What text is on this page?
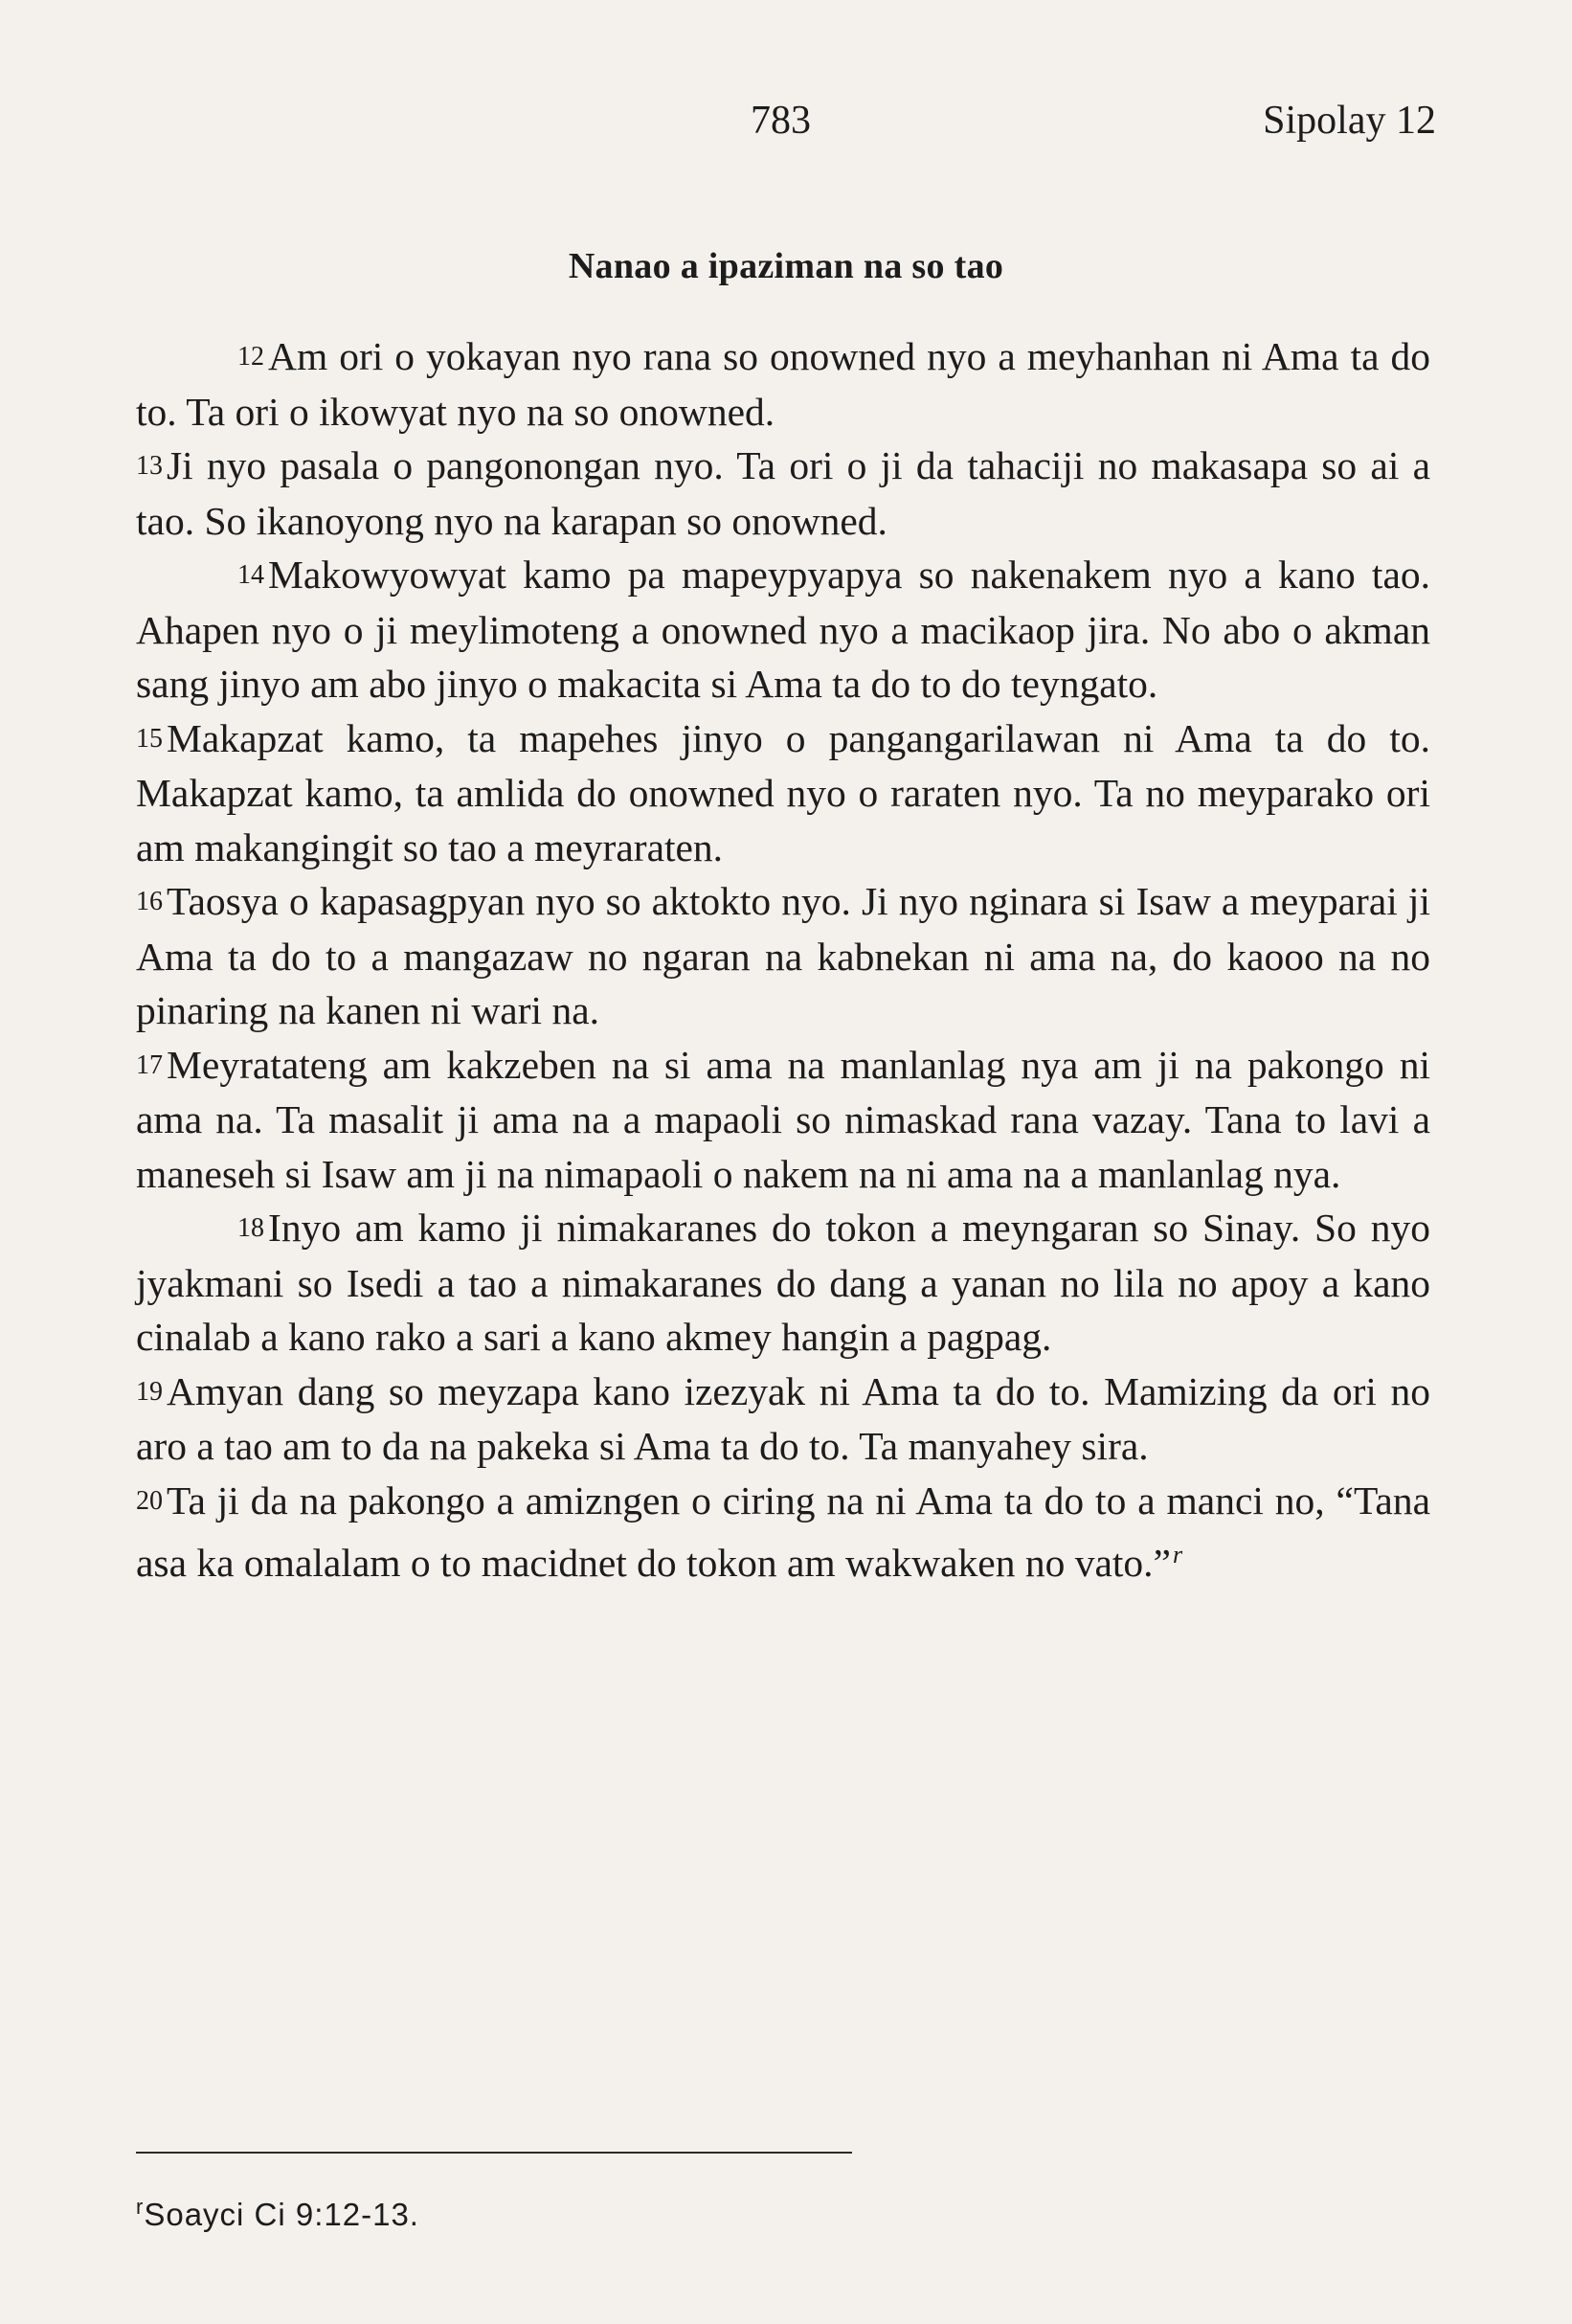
783	Sipolay 12
Nanao a ipaziman na so tao

12Am ori o yokayan nyo rana so onowned nyo a meyhanhan ni Ama ta do to. Ta ori o ikowyat nyo na so onowned.

13Ji nyo pasala o pangonongan nyo. Ta ori o ji da tahaciji no makasapa so ai a tao. So ikanoyong nyo na karapan so onowned.

14Makowyowyat kamo pa mapeypyapya so nakenakem nyo a kano tao. Ahapen nyo o ji meylimoteng a onowned nyo a macikaop jira. No abo o akman sang jinyo am abo jinyo o makacita si Ama ta do to do teyngato.

15Makapzat kamo, ta mapehes jinyo o pangangarilawan ni Ama ta do to. Makapzat kamo, ta amlida do onowned nyo o raraten nyo. Ta no meyparako ori am makangingit so tao a meyraraten.

16Taosya o kapasagpyan nyo so aktokto nyo. Ji nyo nginara si Isaw a meyparai ji Ama ta do to a mangazaw no ngaran na kabnekan ni ama na, do kaooo na no pinaring na kanen ni wari na.

17Meyratateng am kakzeben na si ama na manlanlag nya am ji na pakongo ni ama na. Ta masalit ji ama na a mapaoli so nimaskad rana vazay. Tana to lavi a maneseh si Isaw am ji na nimapaoli o nakem na ni ama na a manlanlag nya.

18Inyo am kamo ji nimakaranes do tokon a meyngaran so Sinay. So nyo jyakmani so Isedi a tao a nimakaranes do dang a yanan no lila no apoy a kano cinalab a kano rako a sari a kano akmey hangin a pagpag.

19Amyan dang so meyzapa kano izezyak ni Ama ta do to. Mamizing da ori no aro a tao am to da na pakeka si Ama ta do to. Ta manyahey sira.

20Ta ji da na pakongo a amizngen o ciring na ni Ama ta do to a manci no, “Tana asa ka omalalam o to macidnet do tokon am wakwaken no vato.”$^r$

$^r$Soayci Ci 9:12-13.
